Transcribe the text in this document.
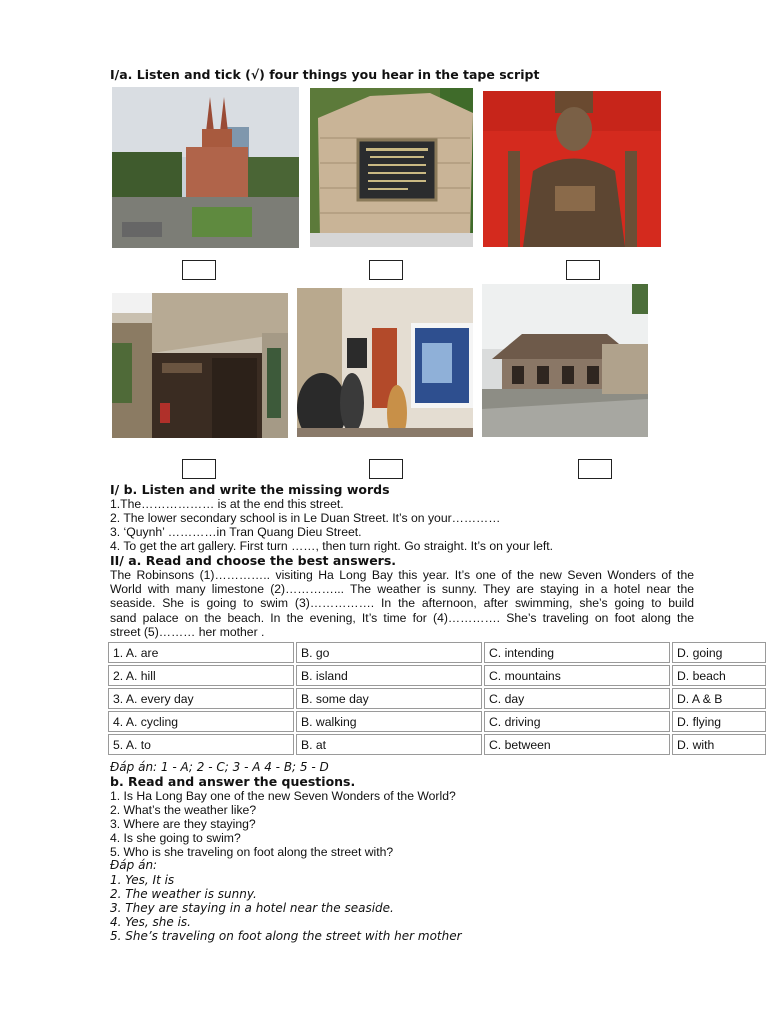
I/a. Listen and tick (√) four things you hear in the tape script
I/ b. Listen and write the missing words
1.The……………… is at the end this street.
2. The lower secondary school is in Le Duan Street. It’s on your…………
3. ‘Quynh’ …………in Tran Quang Dieu Street.
4. To get the art gallery. First turn ……, then turn right. Go straight. It’s on your left.
II/ a. Read and choose the best answers.
The Robinsons (1)………….. visiting Ha Long Bay this year. It’s one of the new Seven Wonders of the
World with many limestone (2)…………... The weather is sunny. They are staying in a hotel near the
seaside. She is going to swim (3)……………. In the afternoon, after swimming, she’s going to build
sand palace on the beach. In the evening, It’s time for (4)…………. She’s traveling on foot along the
street (5)……… her mother .
1. A. are	B. go	C. intending	D. going
2. A. hill	B. island	C. mountains	D. beach
3. A. every day	B. some day	C. day	D. A & B
4. A. cycling	B. walking	C. driving	D. flying
5. A. to	B. at	C. between	D. with
Đáp án: 1 - A; 2 - C; 3 - A 4 - B; 5 - D
b. Read and answer the questions.
1. Is Ha Long Bay one of the new Seven Wonders of the World?
2. What’s the weather like?
3. Where are they staying?
4. Is she going to swim?
5. Who is she traveling on foot along the street with?
Đáp án:
1. Yes, It is
2. The weather is sunny.
3. They are staying in a hotel near the seaside.
4. Yes, she is.
5. She’s traveling on foot along the street with her mother
